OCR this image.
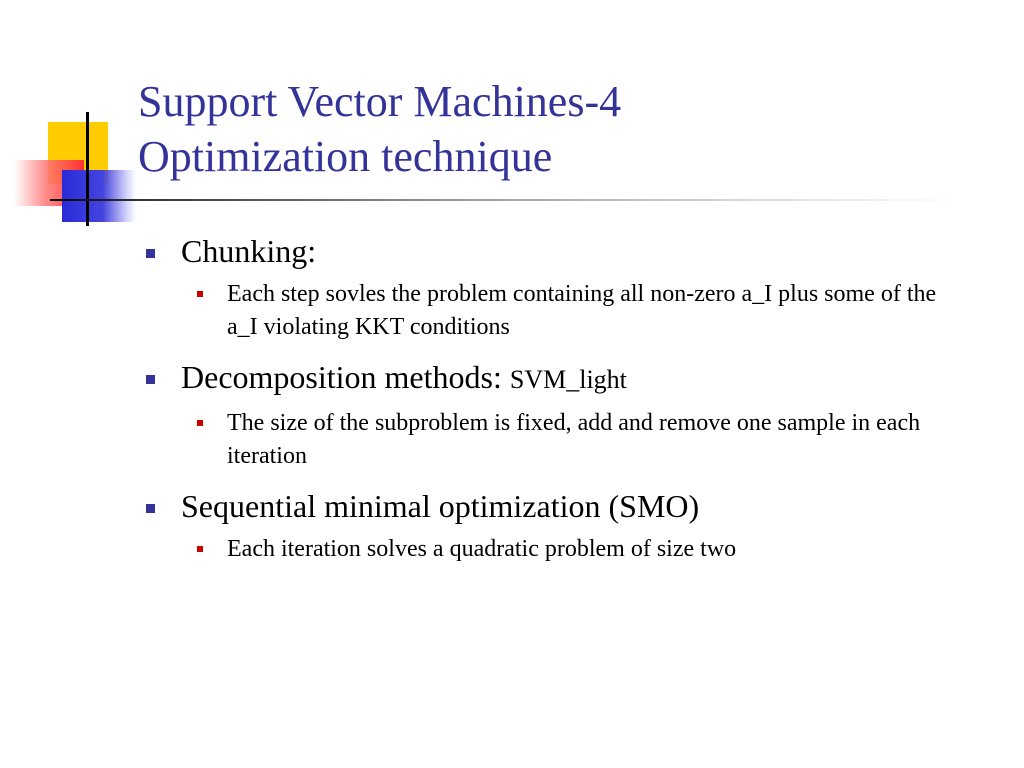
Support Vector Machines-4
Optimization technique
Chunking:
Each step sovles the problem containing all non-zero a_I plus some of the a_I violating KKT conditions
Decomposition methods: SVM_light
The size of the subproblem is fixed, add and remove one sample in each iteration
Sequential minimal optimization (SMO)
Each iteration solves a quadratic problem of size two
